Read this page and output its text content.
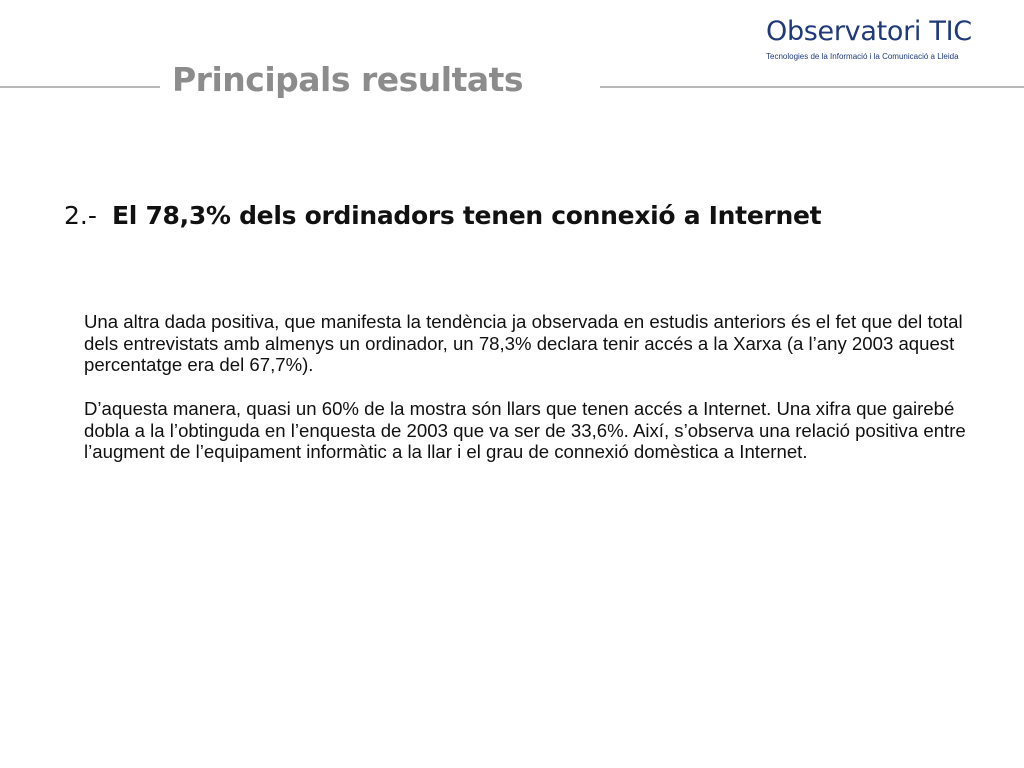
Principals resultats
Observatori TIC
Tecnologies de la Informació i la Comunicació a Lleida
2.- El 78,3% dels ordinadors tenen connexió a Internet

Una altra dada positiva, que manifesta la tendència ja observada en estudis anteriors és el fet que del total dels entrevistats amb almenys un ordinador, un 78,3% declara tenir accés a la Xarxa (a l’any 2003 aquest percentatge era del 67,7%).

D’aquesta manera, quasi un 60% de la mostra són llars que tenen accés a Internet. Una xifra que gairebé dobla a la l’obtinguda en l’enquesta de 2003 que va ser de 33,6%. Així, s’observa una relació positiva entre l’augment de l’equipament informàtic a la llar i el grau de connexió domèstica a Internet.
